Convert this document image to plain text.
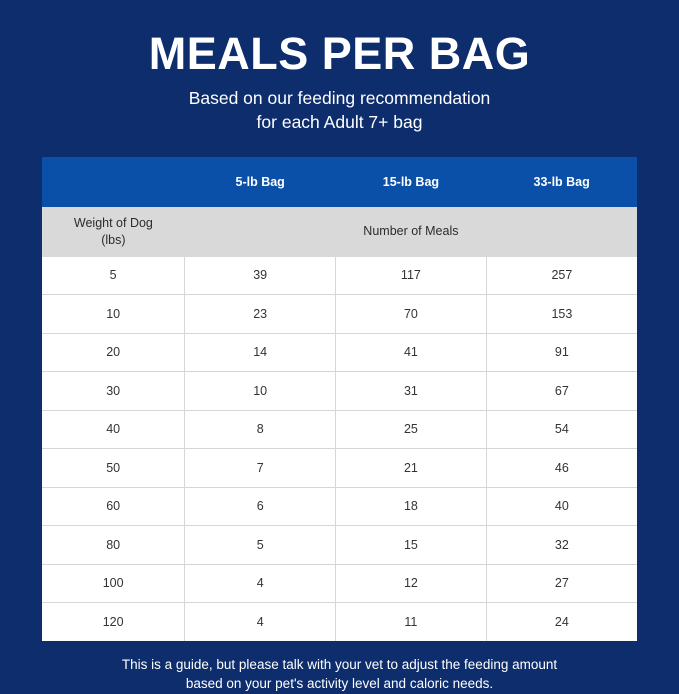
MEALS PER BAG
Based on our feeding recommendation
for each Adult 7+ bag
	5-lb Bag	15-lb Bag	33-lb Bag
Weight of Dog
(lbs)	Number of Meals		
5	39	117	257
10	23	70	153
20	14	41	91
30	10	31	67
40	8	25	54
50	7	21	46
60	6	18	40
80	5	15	32
100	4	12	27
120	4	11	24
This is a guide, but please talk with your vet to adjust the feeding amount
based on your pet's activity level and caloric needs.
